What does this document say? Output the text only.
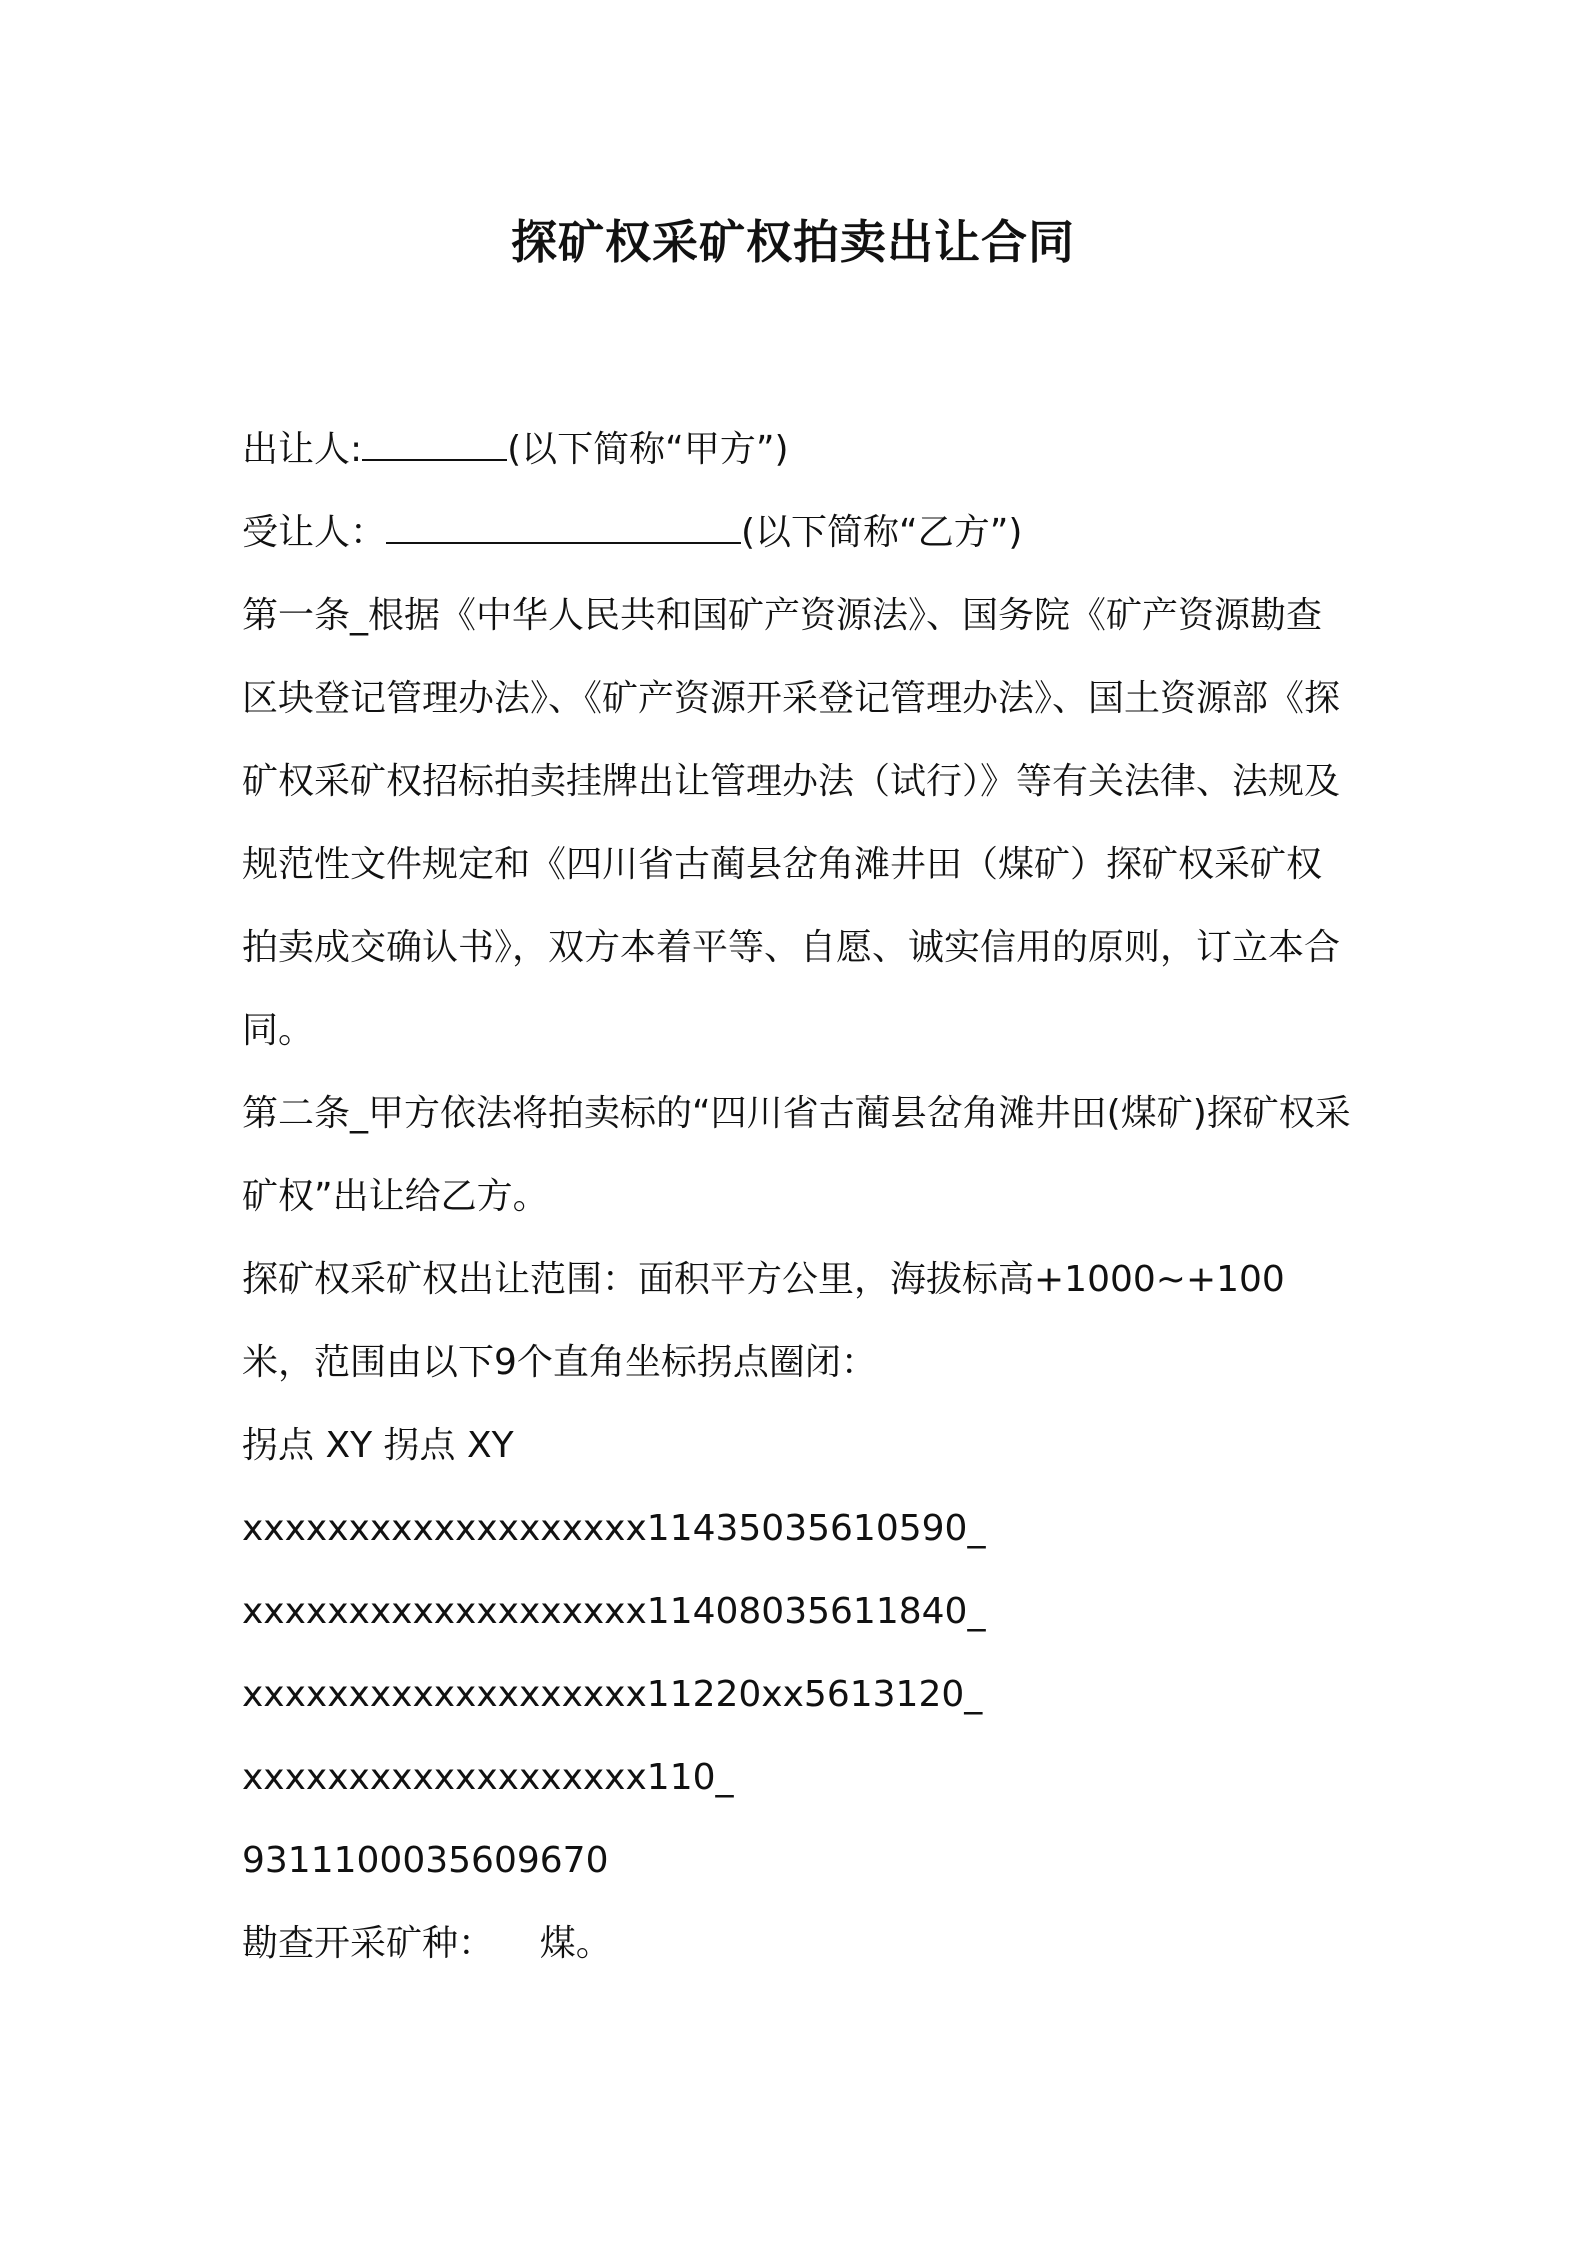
探矿权采矿权拍卖出让合同

出让人:	(以下简称“甲方”)

受让人：	(以下简称“乙方”)

第一条_根据《中华人民共和国矿产资源法》、国务院《矿产资源勘查区块登记管理办法》、《矿产资源开采登记管理办法》、国土资源部《探矿权采矿权招标拍卖挂牌出让管理办法（试行）》等有关法律、法规及规范性文件规定和《四川省古蔺县岔角滩井田（煤矿）探矿权采矿权拍卖成交确认书》，双方本着平等、自愿、诚实信用的原则，订立本合同。

第二条_甲方依法将拍卖标的“四川省古蔺县岔角滩井田(煤矿)探矿权采矿权”出让给乙方。

探矿权采矿权出让范围：面积平方公里，海拔标高+1000~+100米，范围由以下9个直角坐标拐点圈闭：

拐点 XY 拐点 XY

xxxxxxxxxxxxxxxxxxx11435035610590_

xxxxxxxxxxxxxxxxxxx11408035611840_

xxxxxxxxxxxxxxxxxxx11220xx5613120_

xxxxxxxxxxxxxxxxxxx110_

9311100035609670

勘查开采矿种：    煤。
